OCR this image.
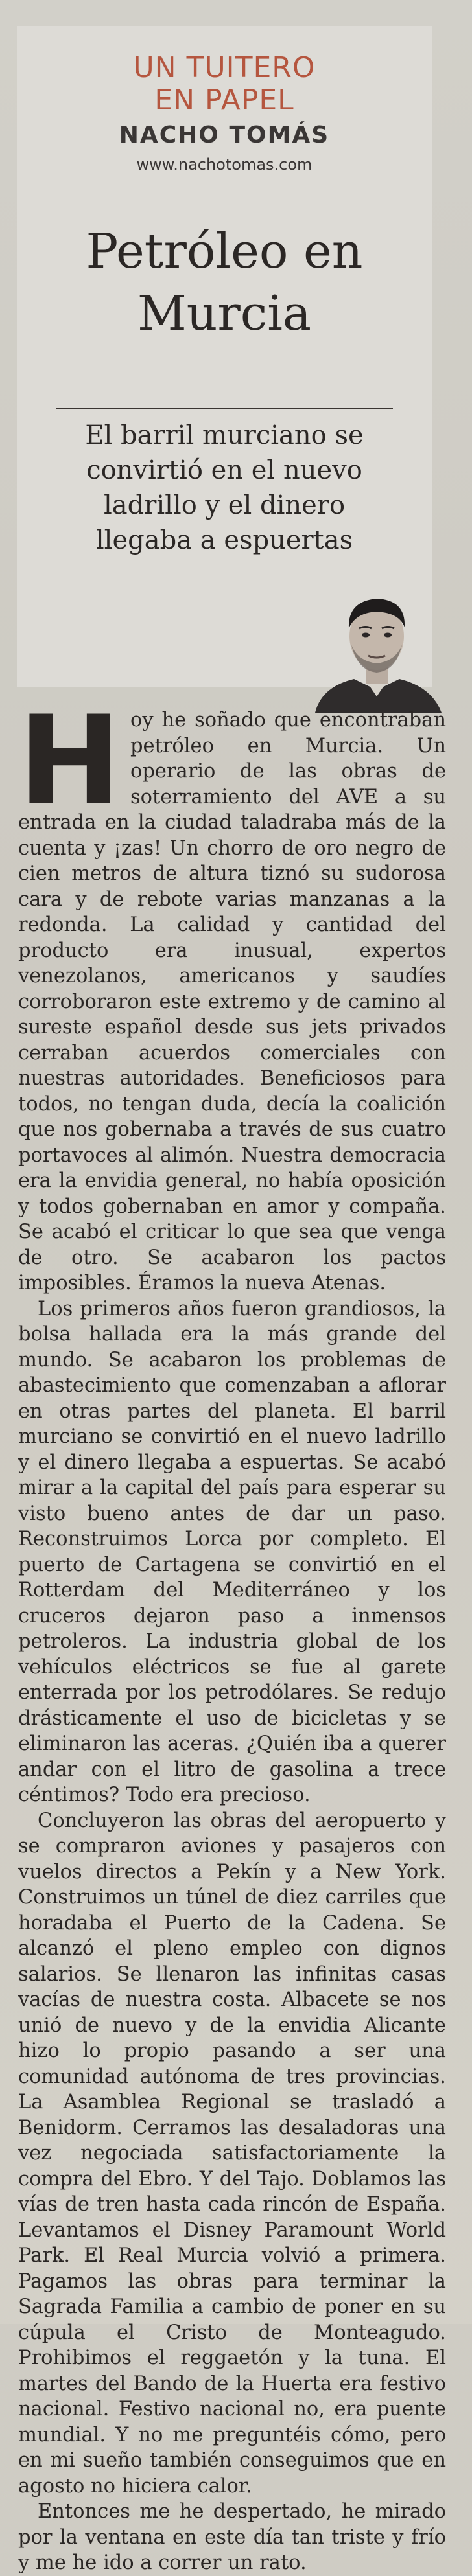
UN TUITERO
EN PAPEL
NACHO TOMÁS
www.nachotomas.com
Petróleo en Murcia
El barril murciano se convirtió en el nuevo ladrillo y el dinero llegaba a espuertas

Hoy he soñado que encontraban petróleo en Murcia. Un operario de las obras de soterramiento del AVE a su entrada en la ciudad taladraba más de la cuenta y ¡zas! Un chorro de oro negro de cien metros de altura tiznó su sudorosa cara y de rebote varias manzanas a la redonda. La calidad y cantidad del producto era inusual, expertos venezolanos, americanos y saudíes corroboraron este extremo y de camino al sureste español desde sus jets privados cerraban acuerdos comerciales con nuestras autoridades. Beneficiosos para todos, no tengan duda, decía la coalición que nos gobernaba a través de sus cuatro portavoces al alimón. Nuestra democracia era la envidia general, no había oposición y todos gobernaban en amor y compaña. Se acabó el criticar lo que sea que venga de otro. Se acabaron los pactos imposibles. Éramos la nueva Atenas.

Los primeros años fueron grandiosos, la bolsa hallada era la más grande del mundo. Se acabaron los problemas de abastecimiento que comenzaban a aflorar en otras partes del planeta. El barril murciano se convirtió en el nuevo ladrillo y el dinero llegaba a espuertas. Se acabó mirar a la capital del país para esperar su visto bueno antes de dar un paso. Reconstruimos Lorca por completo. El puerto de Cartagena se convirtió en el Rotterdam del Mediterráneo y los cruceros dejaron paso a inmensos petroleros. La industria global de los vehículos eléctricos se fue al garete enterrada por los petrodólares. Se redujo drásticamente el uso de bicicletas y se eliminaron las aceras. ¿Quién iba a querer andar con el litro de gasolina a trece céntimos? Todo era precioso.

Concluyeron las obras del aeropuerto y se compraron aviones y pasajeros con vuelos directos a Pekín y a New York. Construimos un túnel de diez carriles que horadaba el Puerto de la Cadena. Se alcanzó el pleno empleo con dignos salarios. Se llenaron las infinitas casas vacías de nuestra costa. Albacete se nos unió de nuevo y de la envidia Alicante hizo lo propio pasando a ser una comunidad autónoma de tres provincias. La Asamblea Regional se trasladó a Benidorm. Cerramos las desaladoras una vez negociada satisfactoriamente la compra del Ebro. Y del Tajo. Doblamos las vías de tren hasta cada rincón de España. Levantamos el Disney Paramount World Park. El Real Murcia volvió a primera. Pagamos las obras para terminar la Sagrada Familia a cambio de poner en su cúpula el Cristo de Monteagudo. Prohibimos el reggaetón y la tuna. El martes del Bando de la Huerta era festivo nacional. Festivo nacional no, era puente mundial. Y no me preguntéis cómo, pero en mi sueño también conseguimos que en agosto no hiciera calor.

Entonces me he despertado, he mirado por la ventana en este día tan triste y frío y me he ido a correr un rato.
